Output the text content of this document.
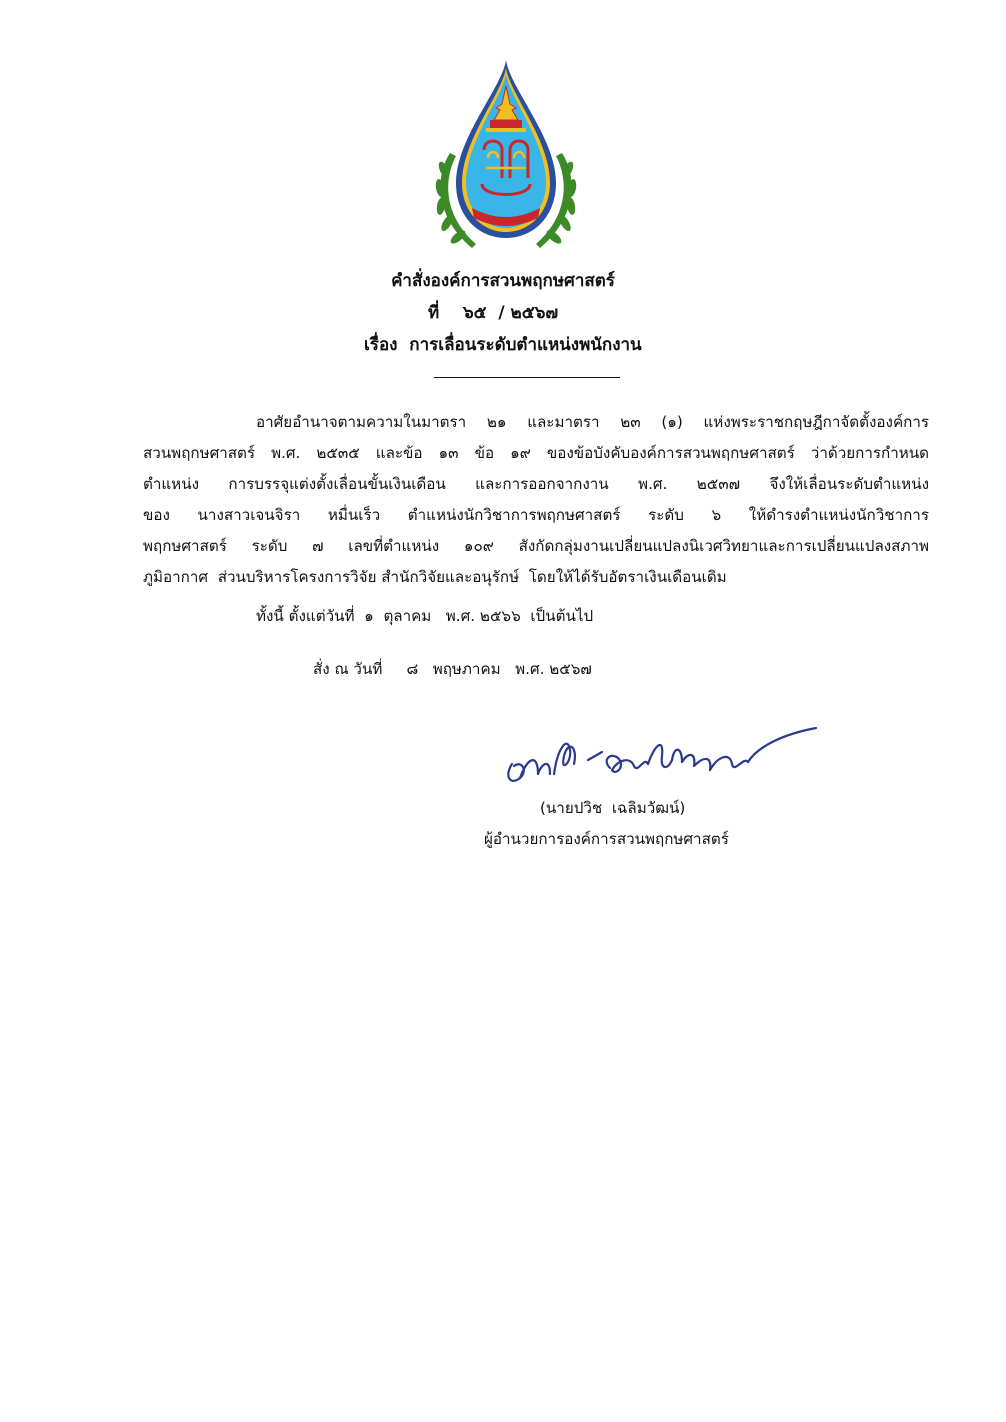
องค์การสวนพฤกษศาสตร์ THE BOTANICAL GARDEN ORGANIZATION
คำสั่งองค์การสวนพฤกษศาสตร์
ที่    ๖๕  / ๒๕๖๗
เรื่อง  การเลื่อนระดับตำแหน่งพนักงาน
อาศัยอำนาจตามความในมาตรา ๒๑ และมาตรา ๒๓ (๑) แห่งพระราชกฤษฎีกาจัดตั้งองค์การ
สวนพฤกษศาสตร์ พ.ศ. ๒๕๓๕ และข้อ ๑๓ ข้อ ๑๙ ของข้อบังคับองค์การสวนพฤกษศาสตร์ ว่าด้วยการกำหนด
ตำแหน่ง การบรรจุแต่งตั้งเลื่อนขั้นเงินเดือน และการออกจากงาน พ.ศ. ๒๕๓๗ จึงให้เลื่อนระดับตำแหน่ง
ของ นางสาวเจนจิรา หมื่นเร็ว ตำแหน่งนักวิชาการพฤกษศาสตร์ ระดับ ๖ ให้ดำรงตำแหน่งนักวิชาการ
พฤกษศาสตร์ ระดับ ๗ เลขที่ตำแหน่ง ๑๐๙ สังกัดกลุ่มงานเปลี่ยนแปลงนิเวศวิทยาและการเปลี่ยนแปลงสภาพ
ภูมิอากาศ  ส่วนบริหารโครงการวิจัย สำนักวิจัยและอนุรักษ์  โดยให้ได้รับอัตราเงินเดือนเดิม
ทั้งนี้ ตั้งแต่วันที่  ๑  ตุลาคม   พ.ศ. ๒๕๖๖  เป็นต้นไป
สั่ง ณ วันที่     ๘   พฤษภาคม   พ.ศ. ๒๕๖๗
ปวิช เฉลิมวัฒน์
(นายปวิช  เฉลิมวัฒน์)
ผู้อำนวยการองค์การสวนพฤกษศาสตร์
